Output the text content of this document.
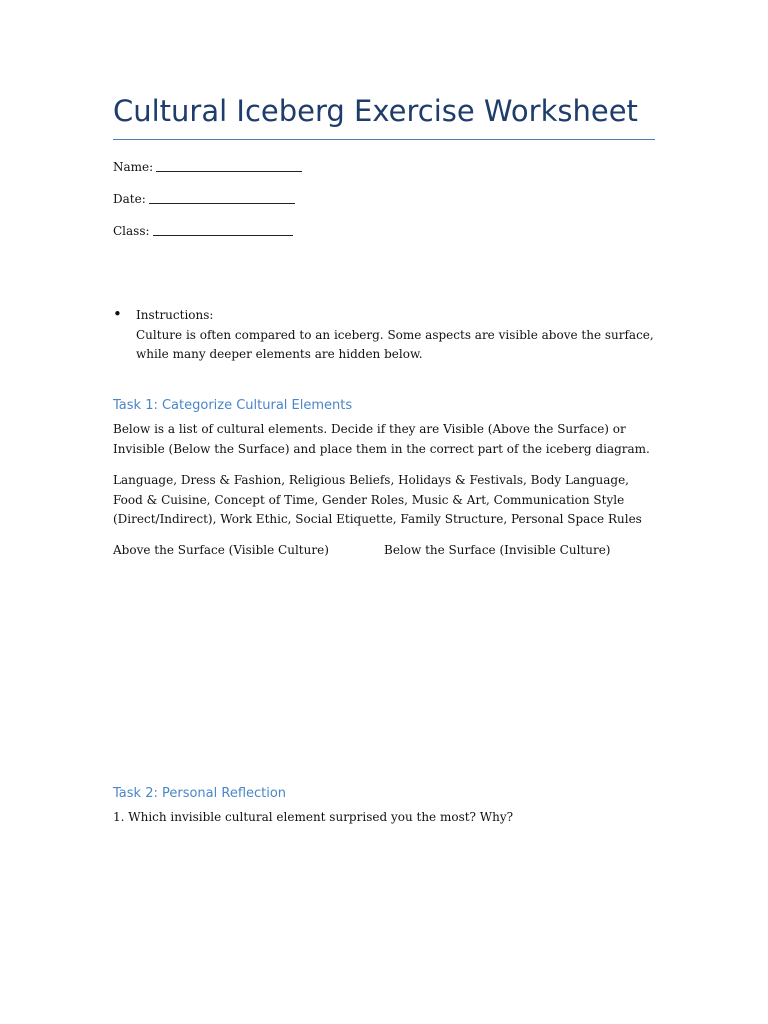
Cultural Iceberg Exercise Worksheet
Name:
Date:
Class:
• Instructions:
Culture is often compared to an iceberg. Some aspects are visible above the surface, while many deeper elements are hidden below.
Task 1: Categorize Cultural Elements
Below is a list of cultural elements. Decide if they are Visible (Above the Surface) or Invisible (Below the Surface) and place them in the correct part of the iceberg diagram.
Language, Dress & Fashion, Religious Beliefs, Holidays & Festivals, Body Language, Food & Cuisine, Concept of Time, Gender Roles, Music & Art, Communication Style (Direct/Indirect), Work Ethic, Social Etiquette, Family Structure, Personal Space Rules
Above the Surface (Visible Culture)	Below the Surface (Invisible Culture)
Task 2: Personal Reflection
1. Which invisible cultural element surprised you the most? Why?
